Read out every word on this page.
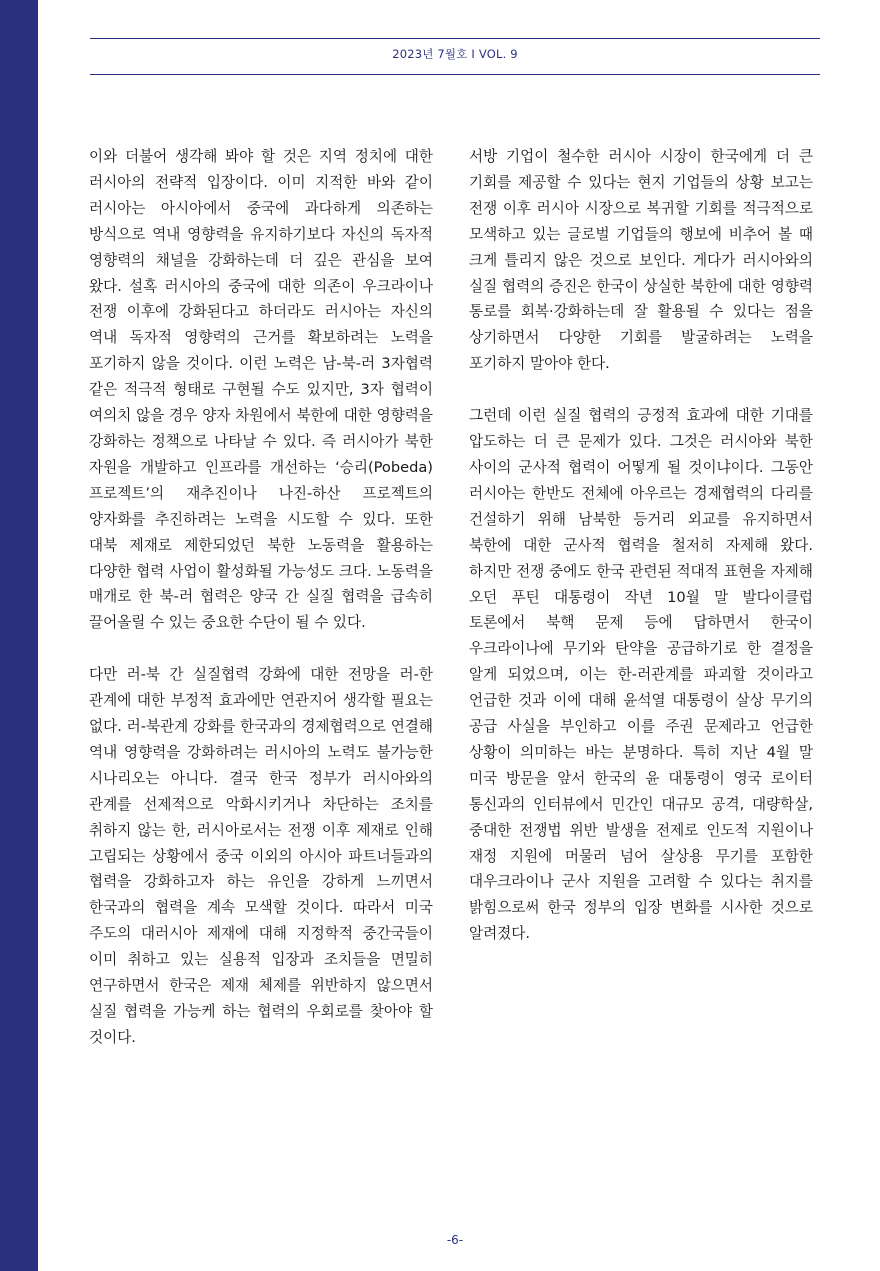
2023년 7월호 I VOL. 9

이와 더불어 생각해 봐야 할 것은 지역 정치에 대한 러시아의 전략적 입장이다. 이미 지적한 바와 같이 러시아는 아시아에서 중국에 과다하게 의존하는 방식으로 역내 영향력을 유지하기보다 자신의 독자적 영향력의 채널을 강화하는데 더 깊은 관심을 보여 왔다. 설혹 러시아의 중국에 대한 의존이 우크라이나 전쟁 이후에 강화된다고 하더라도 러시아는 자신의 역내 독자적 영향력의 근거를 확보하려는 노력을 포기하지 않을 것이다. 이런 노력은 남-북-러 3자협력 같은 적극적 형태로 구현될 수도 있지만, 3자 협력이 여의치 않을 경우 양자 차원에서 북한에 대한 영향력을 강화하는 정책으로 나타날 수 있다. 즉 러시아가 북한 자원을 개발하고 인프라를 개선하는 ‘승리(Pobeda) 프로젝트’의 재추진이나 나진-하산 프로젝트의 양자화를 추진하려는 노력을 시도할 수 있다. 또한 대북 제재로 제한되었던 북한 노동력을 활용하는 다양한 협력 사업이 활성화될 가능성도 크다. 노동력을 매개로 한 북-러 협력은 양국 간 실질 협력을 급속히 끌어올릴 수 있는 중요한 수단이 될 수 있다.

다만 러-북 간 실질협력 강화에 대한 전망을 러-한 관계에 대한 부정적 효과에만 연관지어 생각할 필요는 없다. 러-북관계 강화를 한국과의 경제협력으로 연결해 역내 영향력을 강화하려는 러시아의 노력도 불가능한 시나리오는 아니다. 결국 한국 정부가 러시아와의 관계를 선제적으로 악화시키거나 차단하는 조치를 취하지 않는 한, 러시아로서는 전쟁 이후 제재로 인해 고립되는 상황에서 중국 이외의 아시아 파트너들과의 협력을 강화하고자 하는 유인을 강하게 느끼면서 한국과의 협력을 계속 모색할 것이다. 따라서 미국 주도의 대러시아 제재에 대해 지정학적 중간국들이 이미 취하고 있는 실용적 입장과 조치들을 면밀히 연구하면서 한국은 제재 체제를 위반하지 않으면서 실질 협력을 가능케 하는 협력의 우회로를 찾아야 할 것이다.

서방 기업이 철수한 러시아 시장이 한국에게 더 큰 기회를 제공할 수 있다는 현지 기업들의 상황 보고는 전쟁 이후 러시아 시장으로 복귀할 기회를 적극적으로 모색하고 있는 글로벌 기업들의 행보에 비추어 볼 때 크게 틀리지 않은 것으로 보인다. 게다가 러시아와의 실질 협력의 증진은 한국이 상실한 북한에 대한 영향력 통로를 회복·강화하는데 잘 활용될 수 있다는 점을 상기하면서 다양한 기회를 발굴하려는 노력을 포기하지 말아야 한다.

그런데 이런 실질 협력의 긍정적 효과에 대한 기대를 압도하는 더 큰 문제가 있다. 그것은 러시아와 북한 사이의 군사적 협력이 어떻게 될 것이냐이다. 그동안 러시아는 한반도 전체에 아우르는 경제협력의 다리를 건설하기 위해 남북한 등거리 외교를 유지하면서 북한에 대한 군사적 협력을 철저히 자제해 왔다. 하지만 전쟁 중에도 한국 관련된 적대적 표현을 자제해 오던 푸틴 대통령이 작년 10월 말 발다이클럽 토론에서 북핵 문제 등에 답하면서 한국이 우크라이나에 무기와 탄약을 공급하기로 한 결정을 알게 되었으며, 이는 한-러관계를 파괴할 것이라고 언급한 것과 이에 대해 윤석열 대통령이 살상 무기의 공급 사실을 부인하고 이를 주권 문제라고 언급한 상황이 의미하는 바는 분명하다. 특히 지난 4월 말 미국 방문을 앞서 한국의 윤 대통령이 영국 로이터 통신과의 인터뷰에서 민간인 대규모 공격, 대량학살, 중대한 전쟁법 위반 발생을 전제로 인도적 지원이나 재정 지원에 머물러 넘어 살상용 무기를 포함한 대우크라이나 군사 지원을 고려할 수 있다는 취지를 밝힘으로써 한국 정부의 입장 변화를 시사한 것으로 알려졌다.

-6-
